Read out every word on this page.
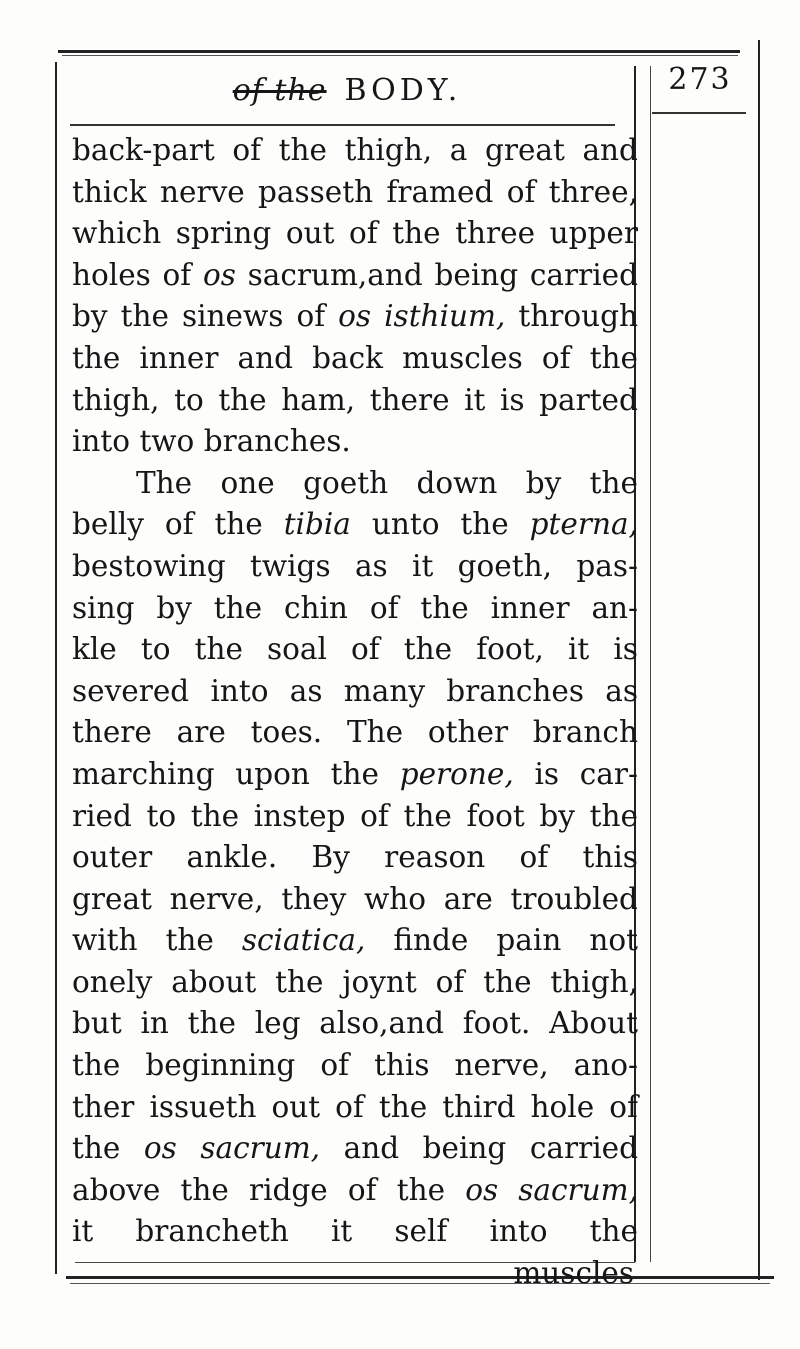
of the BODY.	273
back-part of the thigh, a great and
thick nerve passeth framed of three,
which spring out of the three upper
holes of os sacrum,and being carried
by the sinews of os isthium, through
the inner and back muscles of the
thigh, to the ham, there it is parted
into
two
branches.
The one goeth down by the
belly of the tibia unto the pterna,
bestowing twigs as it goeth, pas-
sing by the chin of the inner an-
kle to the soal of the foot, it is
severed into as many branches as
there are toes. The other branch
marching upon the perone, is car-
ried to the instep of the foot by the
outer ankle. By reason of this
great nerve, they who are troubled
with the sciatica, finde pain not
onely about the joynt of the thigh,
but in the leg also,and foot. About
the beginning of this nerve, ano-
ther issueth out of the third hole of
the os sacrum, and being carried
above the ridge of the os sacrum,
it brancheth it self into the
muscles
